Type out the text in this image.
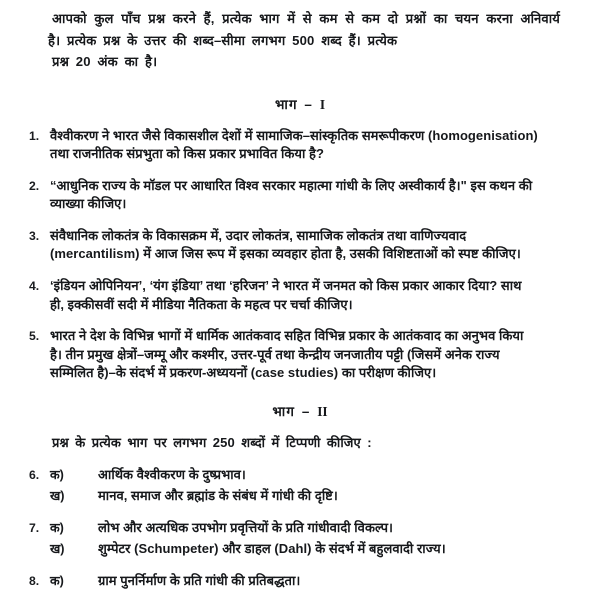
आपको कुल पाँच प्रश्न करने हैं, प्रत्येक भाग में से कम से कम दो प्रश्नों का चयन करना अनिवार्य है। प्रत्येक प्रश्न के उत्तर की शब्द–सीमा लगभग 500 शब्द हैं। प्रत्येक
प्रश्न 20 अंक का है।

भाग – I
1. वैश्वीकरण ने भारत जैसे विकासशील देशों में सामाजिक–सांस्कृतिक समरूपीकरण (homogenisation)
तथा राजनीतिक संप्रभुता को किस प्रकार प्रभावित किया है?
2. “आधुनिक राज्य के मॉडल पर आधारित विश्व सरकार महात्मा गांधी के लिए अस्वीकार्य है।" इस कथन की
व्याख्या कीजिए।
3. संवैधानिक लोकतंत्र के विकासक्रम में, उदार लोकतंत्र, सामाजिक लोकतंत्र तथा वाणिज्यवाद
(mercantilism) में आज जिस रूप में इसका व्यवहार होता है, उसकी विशिष्टताओं को स्पष्ट कीजिए।
4. ‘इंडियन ओपिनियन’, ‘यंग इंडिया’ तथा ‘हरिजन’ ने भारत में जनमत को किस प्रकार आकार दिया? साथ
ही, इक्कीसवीं सदी में मीडिया नैतिकता के महत्व पर चर्चा कीजिए।
5. भारत ने देश के विभिन्न भागों में धार्मिक आतंकवाद सहित विभिन्न प्रकार के आतंकवाद का अनुभव किया
है। तीन प्रमुख क्षेत्रों–जम्मू और कश्मीर, उत्तर-पूर्व तथा केन्द्रीय जनजातीय पट्टी (जिसमें अनेक राज्य
सम्मिलित है)–के संदर्भ में प्रकरण-अध्ययनों (case studies) का परीक्षण कीजिए।
भाग – II

प्रश्न के प्रत्येक भाग पर लगभग 250 शब्दों में टिप्पणी कीजिए :

6. क)	आर्थिक वैश्वीकरण के दुष्प्रभाव।
ख)	मानव, समाज और ब्रह्मांड के संबंध में गांधी की दृष्टि।
7. क)	लोभ और अत्यधिक उपभोग प्रवृत्तियों के प्रति गांधीवादी विकल्प।
ख)	शुम्पेटर (Schumpeter) और डाहल (Dahl) के संदर्भ में बहुलवादी राज्य।
8. क)	ग्राम पुनर्निर्माण के प्रति गांधी की प्रतिबद्धता।
